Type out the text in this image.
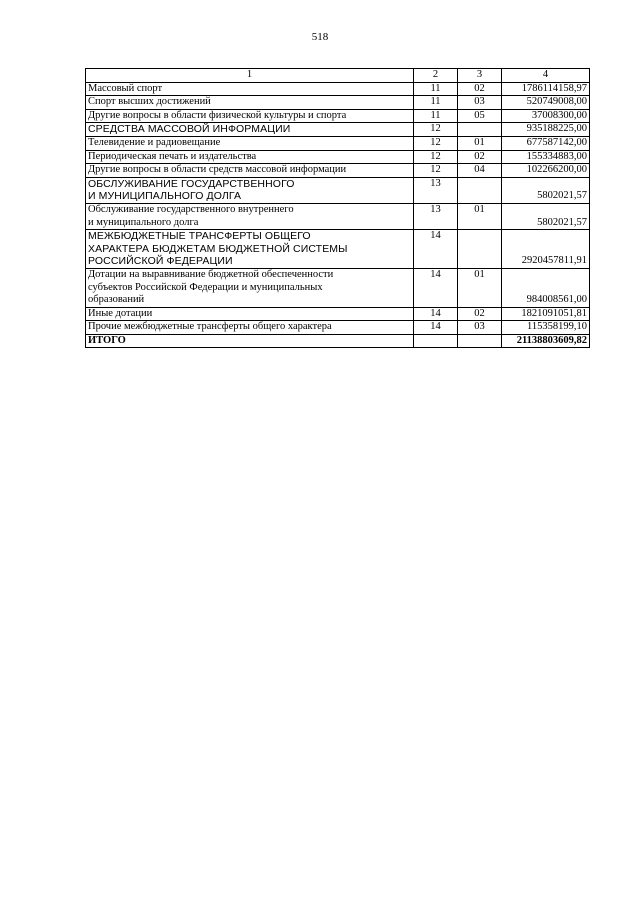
518
1	2	3	4
Массовый спорт	11	02	1786114158,97
Спорт высших достижений	11	03	520749008,00
Другие вопросы в области физической культуры и спорта	11	05	37008300,00
СРЕДСТВА МАССОВОЙ ИНФОРМАЦИИ	12		935188225,00
Телевидение и радиовещание	12	01	677587142,00
Периодическая печать и издательства	12	02	155334883,00
Другие вопросы в области средств массовой информации	12	04	102266200,00
ОБСЛУЖИВАНИЕ ГОСУДАРСТВЕННОГО
И МУНИЦИПАЛЬНОГО ДОЛГА	13		5802021,57
Обслуживание государственного внутреннего
и муниципального долга	13	01	5802021,57
МЕЖБЮДЖЕТНЫЕ ТРАНСФЕРТЫ ОБЩЕГО
ХАРАКТЕРА БЮДЖЕТАМ БЮДЖЕТНОЙ СИСТЕМЫ
РОССИЙСКОЙ ФЕДЕРАЦИИ	14		2920457811,91
Дотации на выравнивание бюджетной обеспеченности
субъектов Российской Федерации и муниципальных
образований	14	01	984008561,00
Иные дотации	14	02	1821091051,81
Прочие межбюджетные трансферты общего характера	14	03	115358199,10
ИТОГО			21138803609,82
